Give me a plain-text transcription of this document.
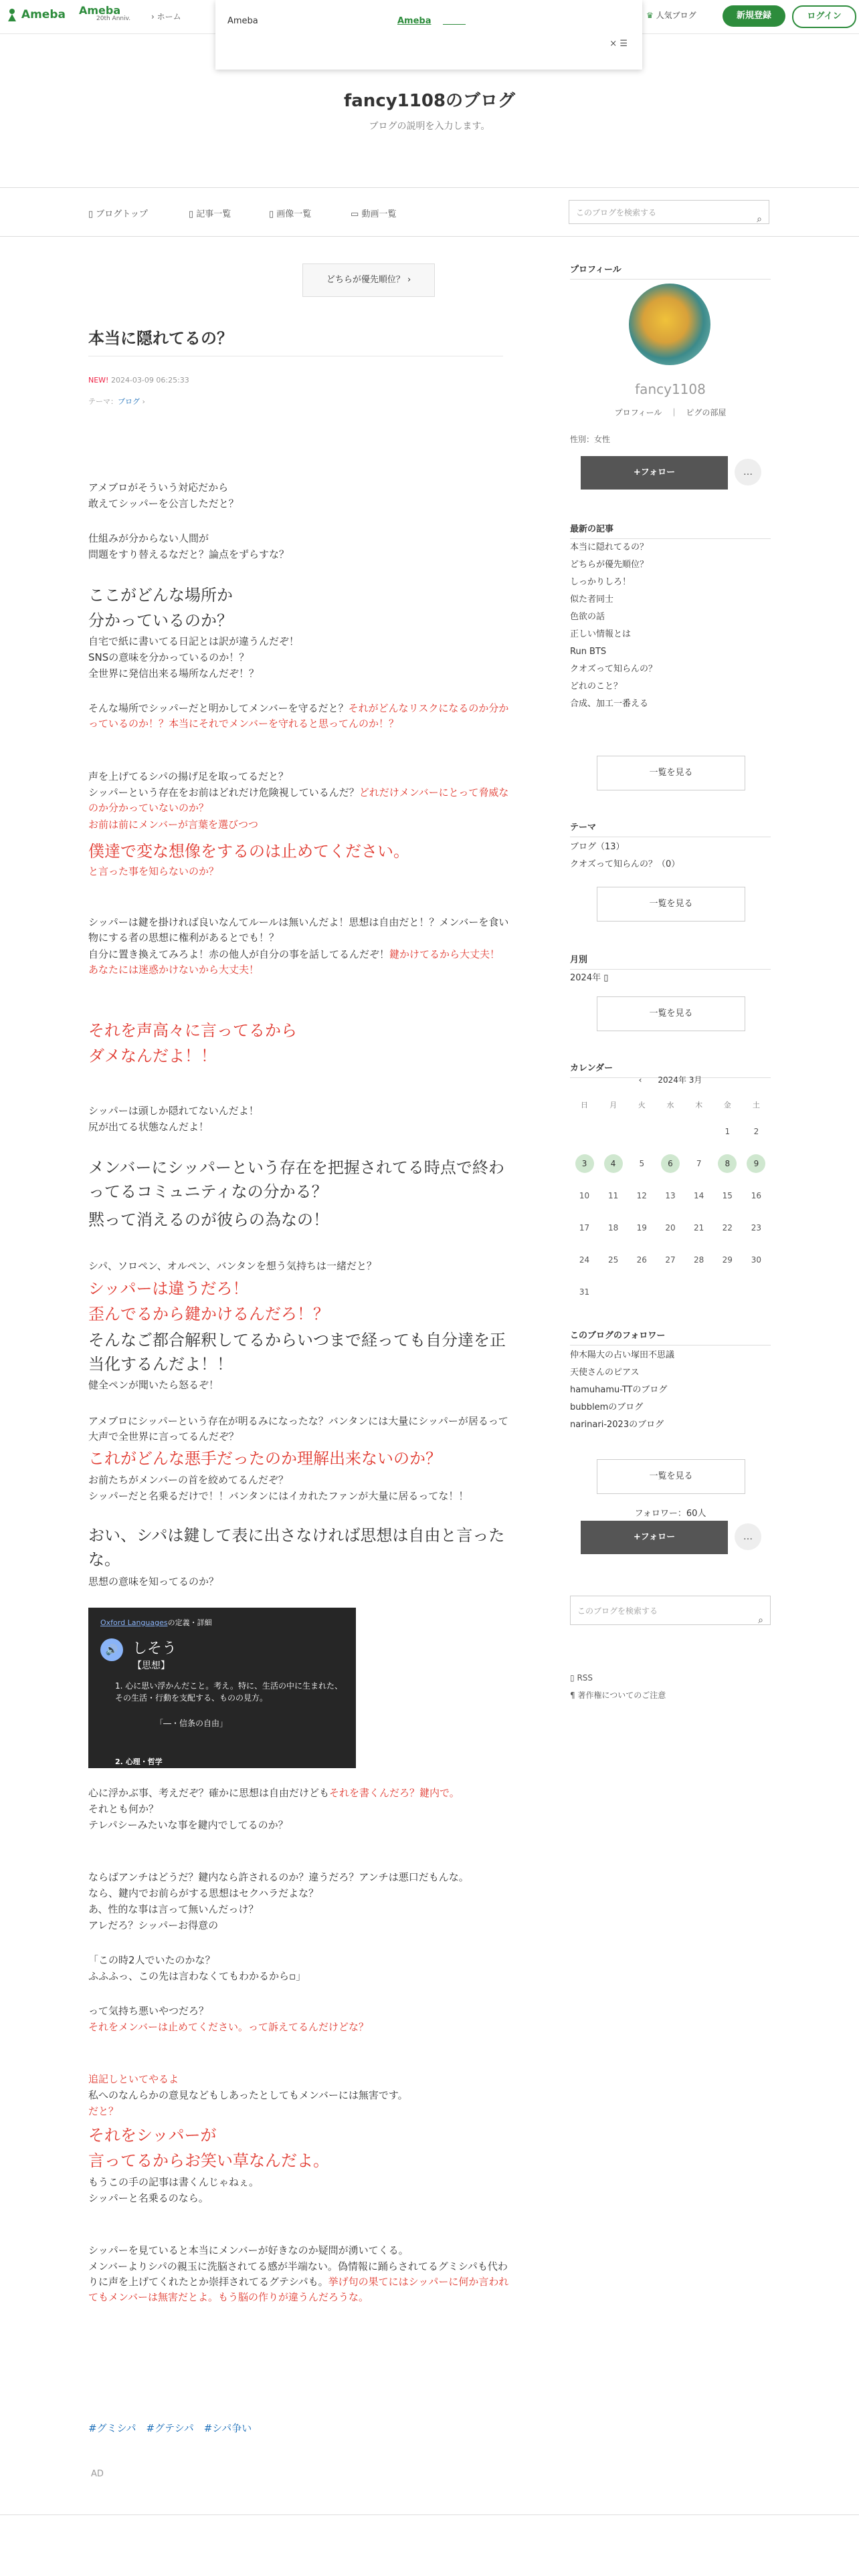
Ameba Ameba
20th Anniv.	› ホーム	♛ 人気ブログ	新規登録	ログイン
Ameba	Ameba
× ☰
fancy1108のブログ
ブログの説明を入力します。
▯ ブログトップ	▯ 記事一覧	▯ 画像一覧	▭ 動画一覧	このブログを検索する
⌕
どちらが優先順位？ ›
本当に隠れてるの？
NEW! 2024-03-09 06:25:33
テーマ：ブログ ›
アメブロがそういう対応だから
敢えてシッパーを公言しただと？
仕組みが分からない人間が
問題をすり替えるなだと？論点をずらすな？
ここがどんな場所か
分かっているのか？
自宅で紙に書いてる日記とは訳が違うんだぞ！
SNSの意味を分かっているのか！？
全世界に発信出来る場所なんだぞ！？
そんな場所でシッパーだと明かしてメンバーを守るだと？それがどんなリスクになるのか分かっているのか！？本当にそれでメンバーを守れると思ってんのか！？
声を上げてるシパの揚げ足を取ってるだと？
シッパーという存在をお前はどれだけ危険視しているんだ？どれだけメンバーにとって脅威なのか分かっていないのか？
お前は前にメンバーが言葉を選びつつ
僕達で変な想像をするのは止めてください。
と言った事を知らないのか？
シッパーは鍵を掛ければ良いなんてルールは無いんだよ！思想は自由だと！？メンバーを食い物にする者の思想に権利があるとでも！？
自分に置き換えてみろよ！赤の他人が自分の事を話してるんだぞ！鍵かけてるから大丈夫！あなたには迷惑かけないから大丈夫！
それを声高々に言ってるから
ダメなんだよ！！
シッパーは頭しか隠れてないんだよ！
尻が出てる状態なんだよ！
メンバーにシッパーという存在を把握されてる時点で終わってるコミュニティなの分かる？
黙って消えるのが彼らの為なの！
シパ、ソロペン、オルペン、バンタンを想う気持ちは一緒だと？
シッパーは違うだろ！
歪んでるから鍵かけるんだろ！？
そんなご都合解釈してるからいつまで経っても自分達を正当化するんだよ！！
健全ペンが聞いたら怒るぞ！
アメブロにシッパーという存在が明るみになったな？バンタンには大量にシッパーが居るって大声で全世界に言ってるんだぞ？
これがどんな悪手だったのか理解出来ないのか？
お前たちがメンバーの首を絞めてるんだぞ？
シッパーだと名乗るだけで！！バンタンにはイカれたファンが大量に居るってな！！
おい、シパは鍵して表に出さなければ思想は自由と言ったな。
思想の意味を知ってるのか？
Oxford Languagesの定義・詳細
🔊 しそう
【思想】
1. 心に思い浮かんだこと。考え。特に、生活の中に生まれた、その生活・行動を支配する、ものの見方。
「―・信条の自由」
2. 心理・哲学
心に浮かぶ事、考えだぞ？確かに思想は自由だけどもそれを書くんだろ？鍵内で。
それとも何か？
テレパシーみたいな事を鍵内でしてるのか？
ならばアンチはどうだ？鍵内なら許されるのか？違うだろ？アンチは悪口だもんな。
なら、鍵内でお前らがする思想はセクハラだよな？
あ、性的な事は言って無いんだっけ？
アレだろ？シッパーお得意の
「この時2人でいたのかな？
ふふふっ、この先は言わなくてもわかるから▫」
って気持ち悪いやつだろ？
それをメンバーは止めてください。って訴えてるんだけどな？
追記しといてやるよ
私へのなんらかの意見などもしあったとしてもメンバーには無害です。
だと？
それをシッパーが
言ってるからお笑い草なんだよ。
もうこの手の記事は書くんじゃねぇ。
シッパーと名乗るのなら。
シッパーを見ていると本当にメンバーが好きなのか疑問が湧いてくる。
メンバーよりシパの親玉に洗脳されてる感が半端ない。偽情報に踊らされてるグミシパも代わりに声を上げてくれたとか崇拝されてるグテシパも。挙げ句の果てにはシッパーに何か言われてもメンバーは無害だとよ。もう脳の作りが違うんだろうな。
#グミシパ　#グテシパ　#シパ争い
AD
プロフィール
fancy1108
プロフィール　｜　ピグの部屋
性別：女性
+フォロー	…
最新の記事
本当に隠れてるの？
どちらが優先順位？
しっかりしろ！
似た者同士
色欲の話
正しい情報とは
Run BTS
クオズって知らんの？
どれのこと？
合成、加工一番える
一覧を見る
テーマ
ブログ（13）
クオズって知らんの？（0）
一覧を見る
月別
2024年 ▯
一覧を見る
カレンダー
‹　　 2024年 3月
日	月	火	水	木	金	土
					1	2
3	4	5	6	7	8	9
10	11	12	13	14	15	16
17	18	19	20	21	22	23
24	25	26	27	28	29	30
31						
このブログのフォロワー
仲木陽大の占い塚田不思議
天使さんのピアス
hamuhamu-TTのブログ
bubblemのブログ
narinari-2023のブログ
一覧を見る
フォロワー：60人
+フォロー	…
このブログを検索する
⌕
▯ RSS
¶ 著作権についてのご注意
